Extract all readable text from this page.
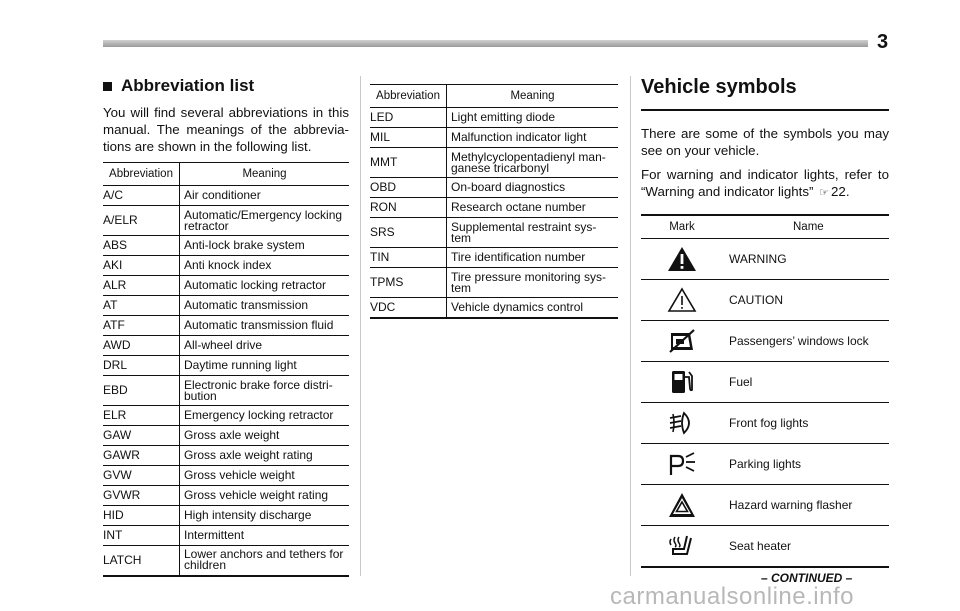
3
Abbreviation list

You will find several abbreviations in this manual. The meanings of the abbrevia-tions are shown in the following list.

Abbreviation	Meaning
A/C	Air conditioner
A/ELR	Automatic/Emergency locking retractor
ABS	Anti-lock brake system
AKI	Anti knock index
ALR	Automatic locking retractor
AT	Automatic transmission
ATF	Automatic transmission fluid
AWD	All-wheel drive
DRL	Daytime running light
EBD	Electronic brake force distri-bution
ELR	Emergency locking retractor
GAW	Gross axle weight
GAWR	Gross axle weight rating
GVW	Gross vehicle weight
GVWR	Gross vehicle weight rating
HID	High intensity discharge
INT	Intermittent
LATCH	Lower anchors and tethers for children
Abbreviation	Meaning
LED	Light emitting diode
MIL	Malfunction indicator light
MMT	Methylcyclopentadienyl man-ganese tricarbonyl
OBD	On-board diagnostics
RON	Research octane number
SRS	Supplemental restraint sys-tem
TIN	Tire identification number
TPMS	Tire pressure monitoring sys-tem
VDC	Vehicle dynamics control
Vehicle symbols

There are some of the symbols you may see on your vehicle.

For warning and indicator lights, refer to “Warning and indicator lights” ☞ 22.

Mark	Name

	WARNING

	CAUTION

	Passengers’ windows lock

	Fuel

	Front fog lights

	Parking lights

	Hazard warning flasher

	Seat heater
– CONTINUED –
carmanualsonline.info
